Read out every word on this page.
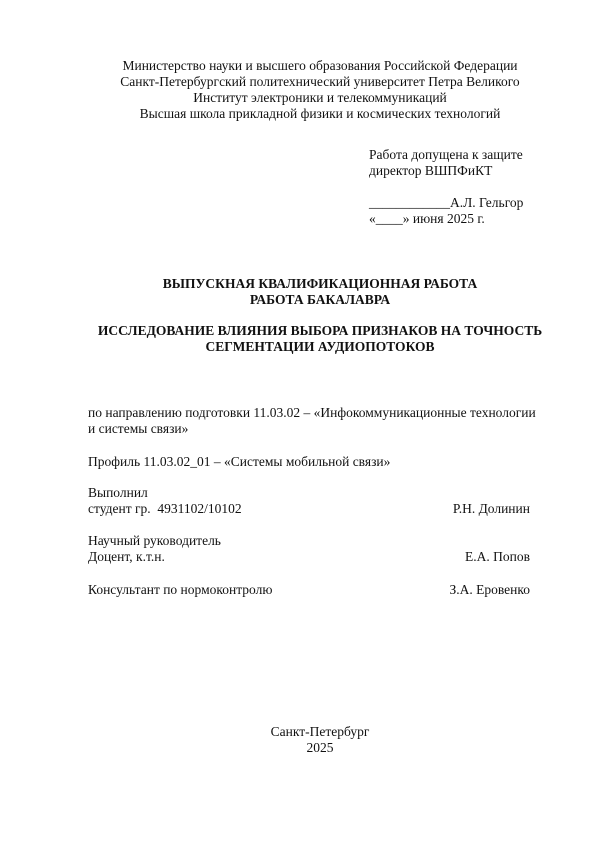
Министерство науки и высшего образования Российской Федерации
Санкт-Петербургский политехнический университет Петра Великого
Институт электроники и телекоммуникаций
Высшая школа прикладной физики и космических технологий
Работа допущена к защите
директор ВШПФиКТ
____________А.Л. Гельгор
«____» июня 2025 г.
ВЫПУСКНАЯ КВАЛИФИКАЦИОННАЯ РАБОТА
РАБОТА БАКАЛАВРА
ИССЛЕДОВАНИЕ ВЛИЯНИЯ ВЫБОРА ПРИЗНАКОВ НА ТОЧНОСТЬ
СЕГМЕНТАЦИИ АУДИОПОТОКОВ
по направлению подготовки 11.03.02 – «Инфокоммуникационные технологии
и системы связи»
Профиль 11.03.02_01 – «Системы мобильной связи»
Выполнил
студент гр.  4931102/10102	Р.Н. Долинин
Научный руководитель
Доцент, к.т.н.	Е.А. Попов
Консультант по нормоконтролю	З.А. Еровенко
Санкт-Петербург
2025
